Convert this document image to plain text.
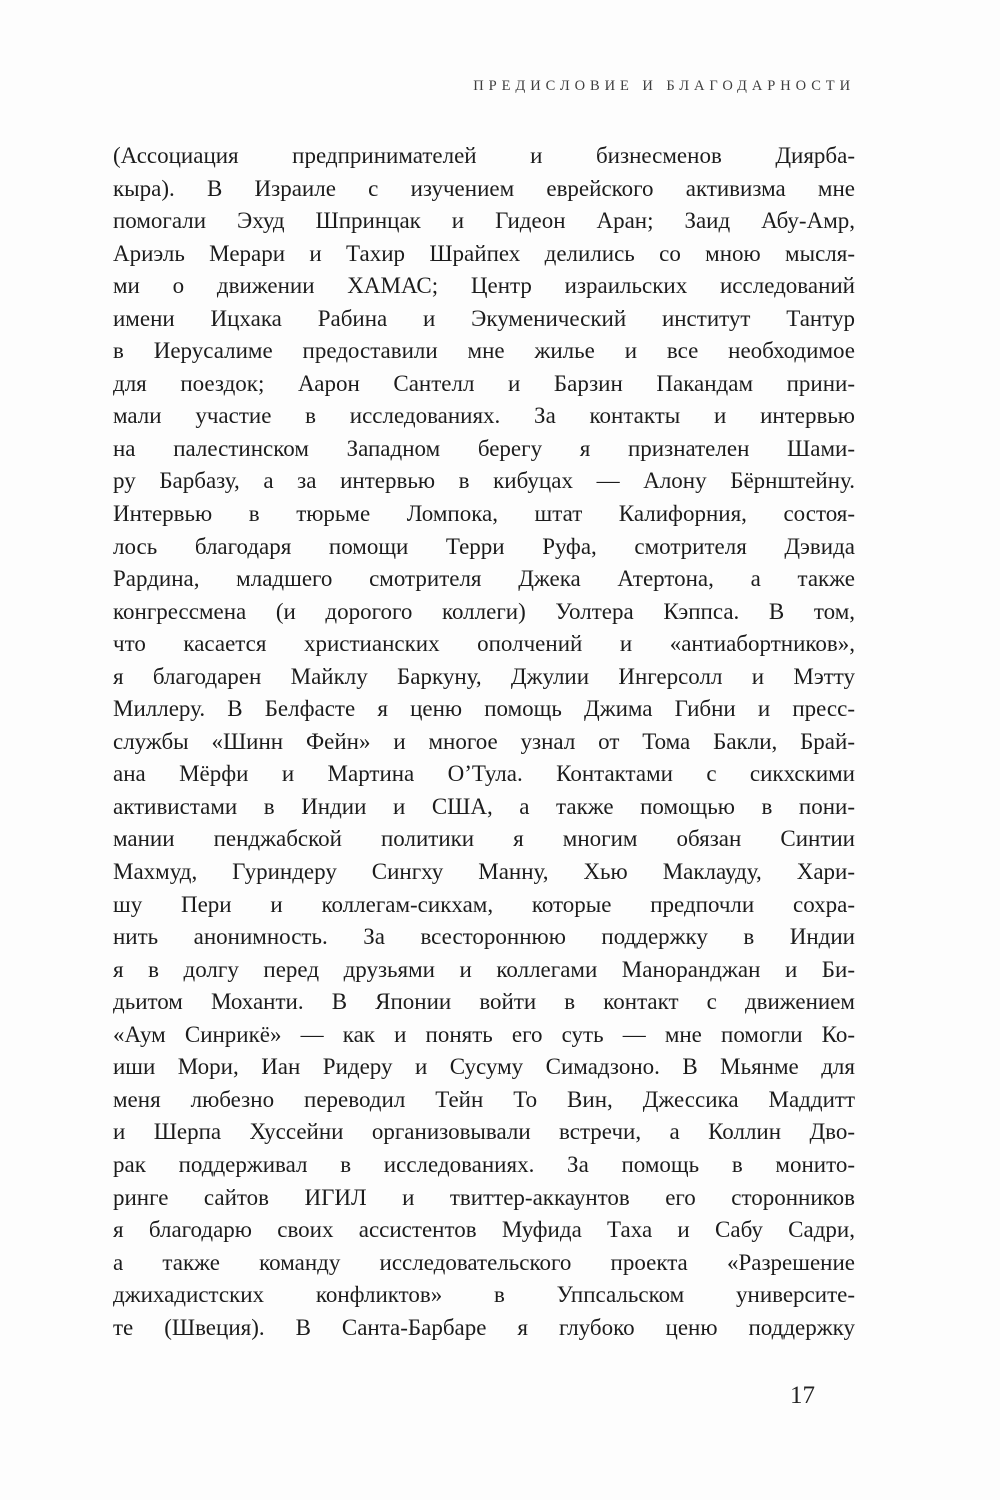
ПРЕДИСЛОВИЕ И БЛАГОДАРНОСТИ
(Ассоциация предпринимателей и бизнесменов Диярба-
кыра). В Израиле с изучением еврейского активизма мне
помогали Эхуд Шпринцак и Гидеон Аран; Заид Абу-Амр,
Ариэль Мерари и Тахир Шрайпех делились со мною мысля-
ми о движении ХАМАС; Центр израильских исследований
имени Ицхака Рабина и Экуменический институт Тантур
в Иерусалиме предоставили мне жилье и все необходимое
для поездок; Аарон Сантелл и Барзин Пакандам прини-
мали участие в исследованиях. За контакты и интервью
на палестинском Западном берегу я признателен Шами-
ру Барбазу, а за интервью в кибуцах — Алону Бёрнштейну.
Интервью в тюрьме Ломпока, штат Калифорния, состоя-
лось благодаря помощи Терри Руфа, смотрителя Дэвида
Рардина, младшего смотрителя Джека Атертона, а также
конгрессмена (и дорогого коллеги) Уолтера Кэппса. В том,
что касается христианских ополчений и «антиабортников»,
я благодарен Майклу Баркуну, Джулии Ингерсолл и Мэтту
Миллеру. В Белфасте я ценю помощь Джима Гибни и пресс-
службы «Шинн Фейн» и многое узнал от Тома Бакли, Брай-
ана Мёрфи и Мартина О’Тула. Контактами с сикхскими
активистами в Индии и США, а также помощью в пони-
мании пенджабской политики я многим обязан Синтии
Махмуд, Гуриндеру Сингху Манну, Хью Маклауду, Хари-
шу Пери и коллегам-сикхам, которые предпочли сохра-
нить анонимность. За всестороннюю поддержку в Индии
я в долгу перед друзьями и коллегами Маноранджан и Би-
дьитом Моханти. В Японии войти в контакт с движением
«Аум Синрикё» — как и понять его суть — мне помогли Ко-
иши Мори, Иан Ридеру и Сусуму Симадзоно. В Мьянме для
меня любезно переводил Тейн То Вин, Джессика Маддитт
и Шерпа Хуссейни организовывали встречи, а Коллин Дво-
рак поддерживал в исследованиях. За помощь в монито-
ринге сайтов ИГИЛ и твиттер-аккаунтов его сторонников
я благодарю своих ассистентов Муфида Таха и Сабу Садри,
а также команду исследовательского проекта «Разрешение
джихадистских конфликтов» в Уппсальском университе-
те (Швеция). В Санта-Барбаре я глубоко ценю поддержку
17
